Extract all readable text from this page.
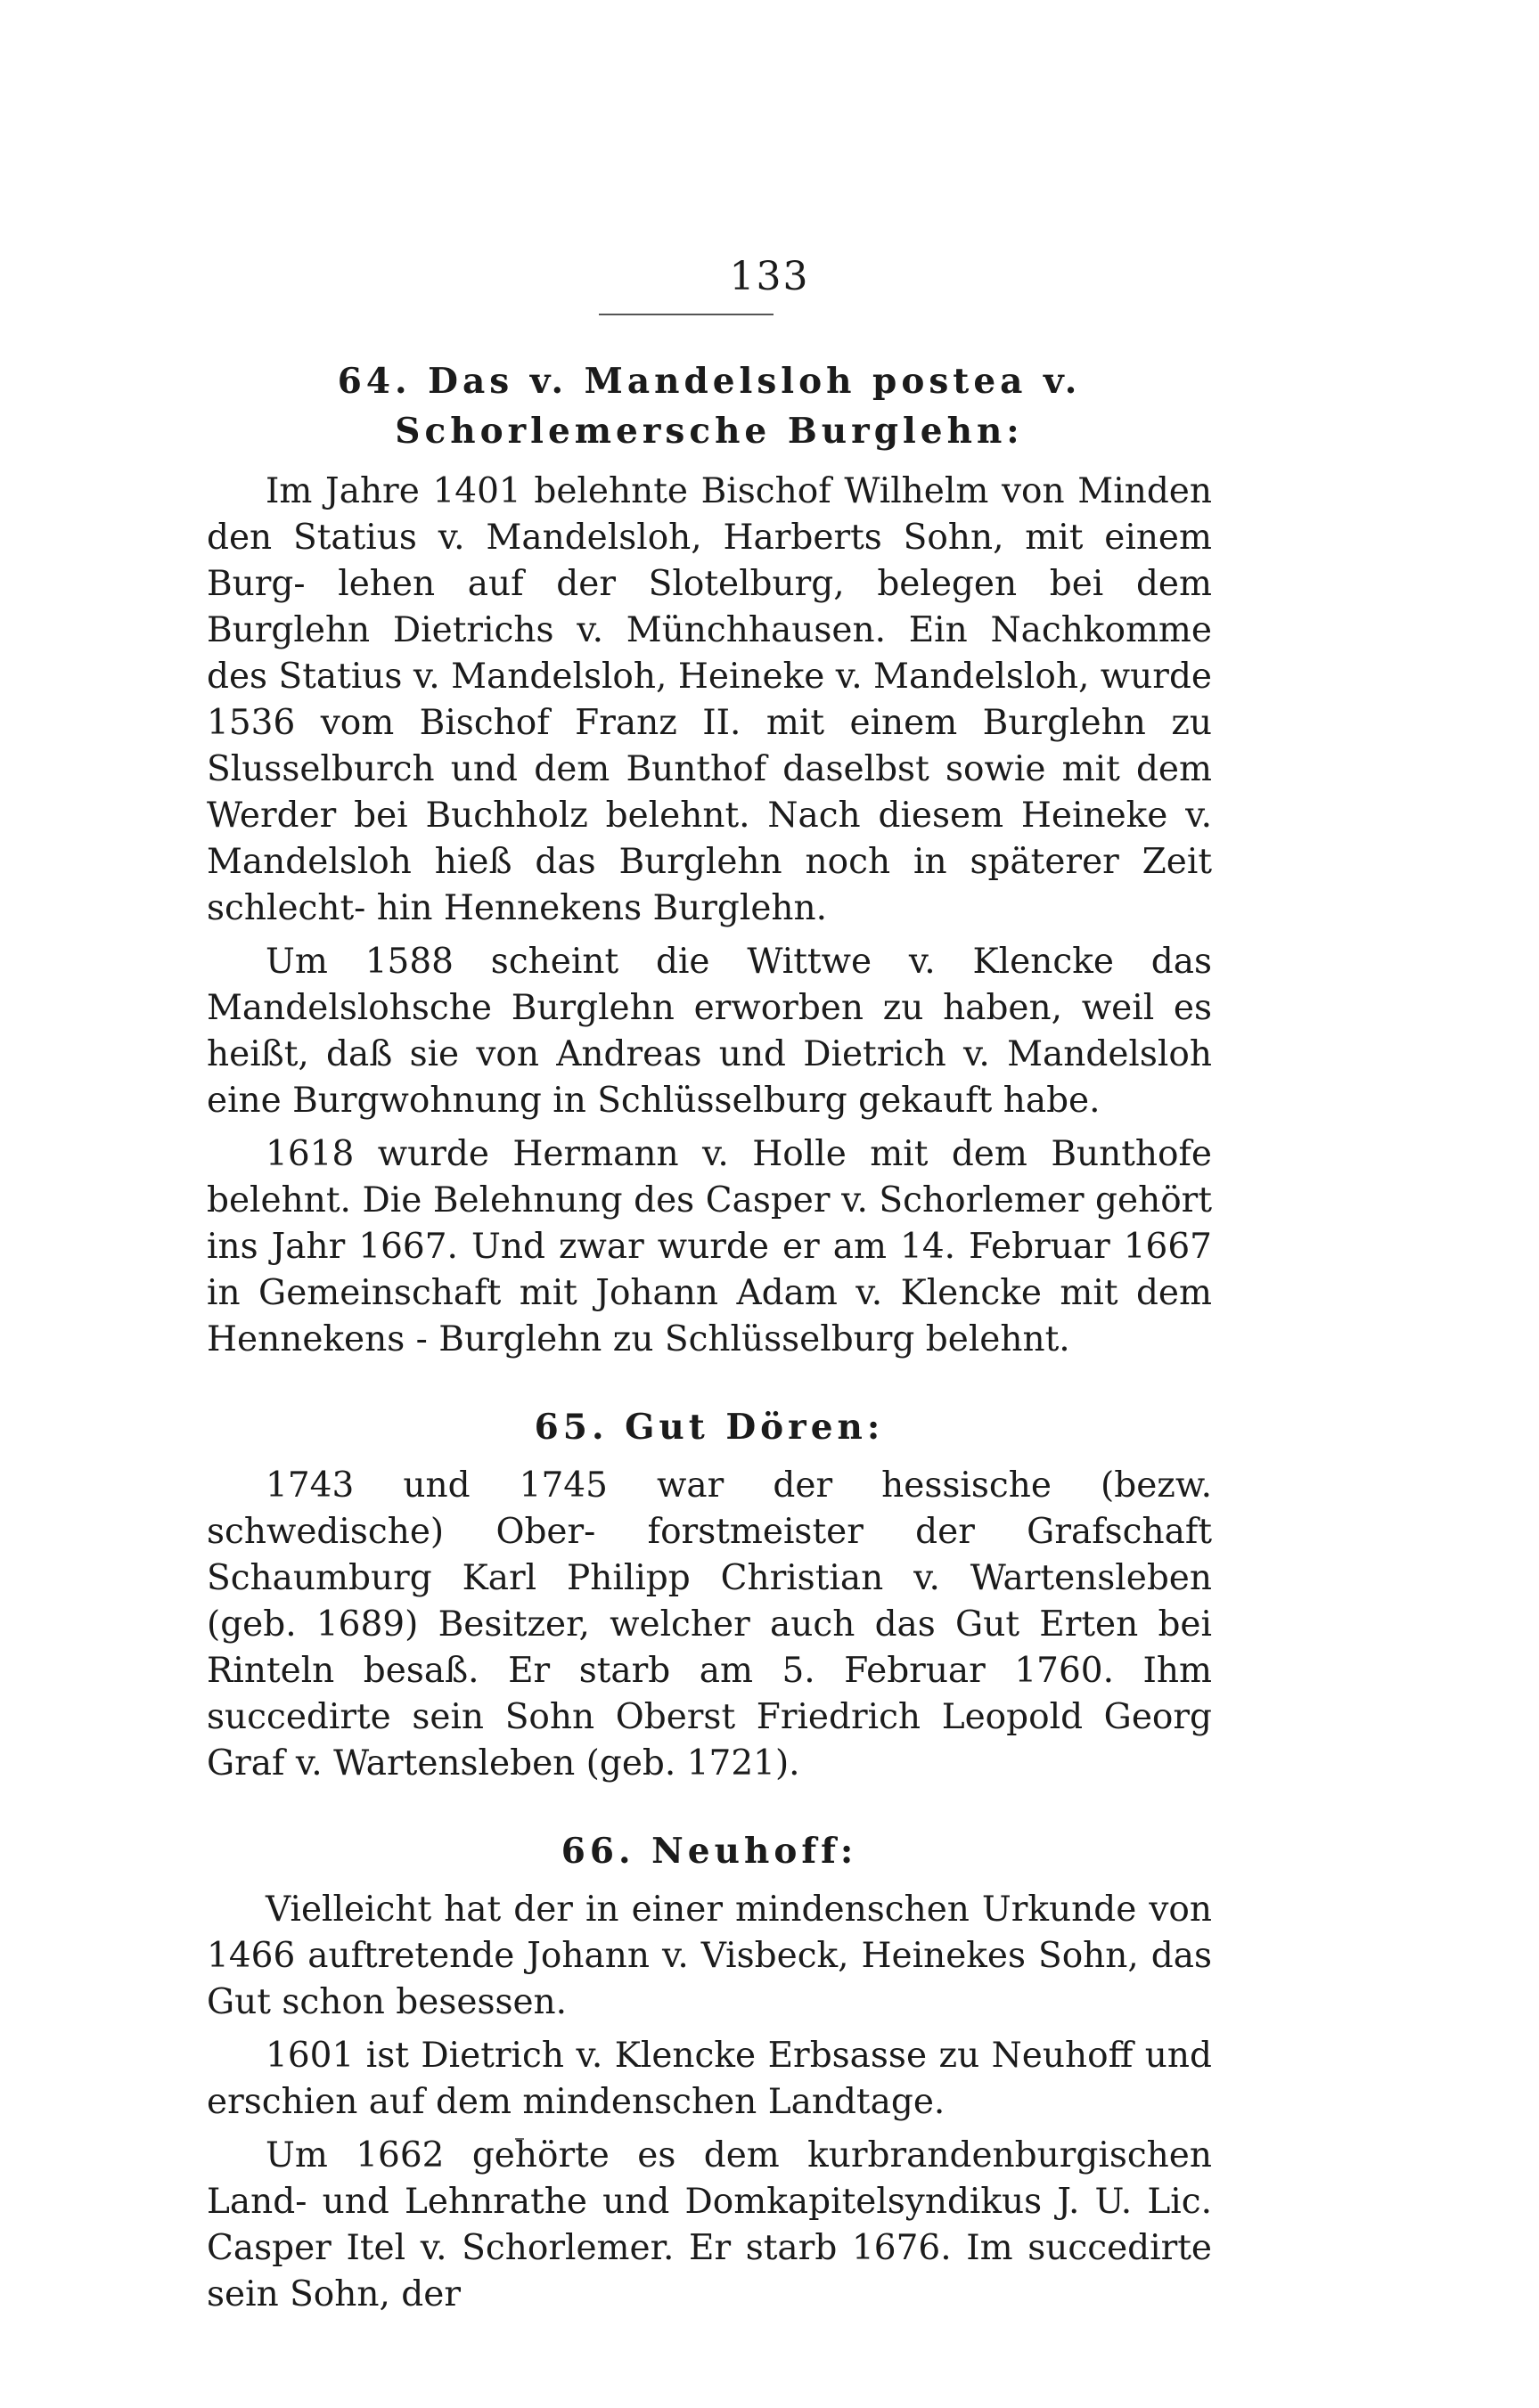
133
64. Das v. Mandelsloh postea v. Schorlemersche Burglehn:

Im Jahre 1401 belehnte Bischof Wilhelm von Minden den Statius v. Mandelsloh, Harberts Sohn, mit einem Burg- lehen auf der Slotelburg, belegen bei dem Burglehn Dietrichs v. Münchhausen. Ein Nachkomme des Statius v. Mandelsloh, Heineke v. Mandelsloh, wurde 1536 vom Bischof Franz II. mit einem Burglehn zu Slusselburch und dem Bunthof daselbst sowie mit dem Werder bei Buchholz belehnt. Nach diesem Heineke v. Mandelsloh hieß das Burglehn noch in späterer Zeit schlecht- hin Hennekens Burglehn.

Um 1588 scheint die Wittwe v. Klencke das Mandelslohsche Burglehn erworben zu haben, weil es heißt, daß sie von Andreas und Dietrich v. Mandelsloh eine Burgwohnung in Schlüsselburg gekauft habe.

1618 wurde Hermann v. Holle mit dem Bunthofe belehnt. Die Belehnung des Casper v. Schorlemer gehört ins Jahr 1667. Und zwar wurde er am 14. Februar 1667 in Gemeinschaft mit Johann Adam v. Klencke mit dem Hennekens - Burglehn zu Schlüsselburg belehnt.

65. Gut Dören:

1743 und 1745 war der hessische (bezw. schwedische) Ober- forstmeister der Grafschaft Schaumburg Karl Philipp Christian v. Wartensleben (geb. 1689) Besitzer, welcher auch das Gut Erten bei Rinteln besaß. Er starb am 5. Februar 1760. Ihm succedirte sein Sohn Oberst Friedrich Leopold Georg Graf v. Wartensleben (geb. 1721).

66. Neuhoff:

Vielleicht hat der in einer mindenschen Urkunde von 1466 auftretende Johann v. Visbeck, Heinekes Sohn, das Gut schon besessen.

1601 ist Dietrich v. Klencke Erbsasse zu Neuhoff und erschien auf dem mindenschen Landtage.

Um 1662 gehörte es dem kurbrandenburgischen Land- und Lehnrathe und Domkapitelsyndikus J. U. Lic. Casper Itel v. Schorlemer. Er starb 1676. Im succedirte sein Sohn, der
